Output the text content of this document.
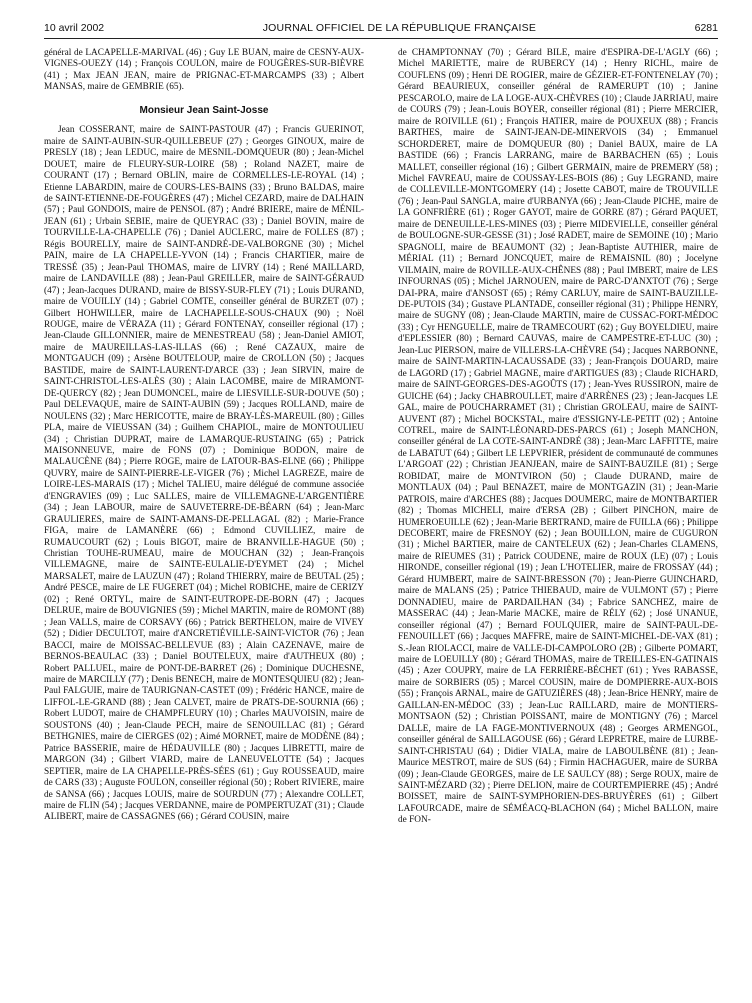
10 avril 2002	JOURNAL OFFICIEL DE LA RÉPUBLIQUE FRANÇAISE	6281

général de LACAPELLE-MARIVAL (46) ; Guy LE BUAN, maire de CESNY-AUX-VIGNES-OUEZY (14) ; François COULON, maire de FOUGÈRES-SUR-BIÈVRE (41) ; Max JEAN JEAN, maire de PRIGNAC-ET-MARCAMPS (33) ; Albert MANSAS, maire de GEMBRIE (65).

Monsieur Jean Saint-Josse

Jean COSSERANT, maire de SAINT-PASTOUR (47) ; Francis GUERINOT, maire de SAINT-AUBIN-SUR-QUILLEBEUF (27) ; Georges GINOUX, maire de PRESLY (18) ; Jean LEDUC, maire de MESNIL-DOMQUEUR (80) ; Jean-Michel DOUET, maire de FLEURY-SUR-LOIRE (58) ; Roland NAZET, maire de COURANT (17) ; Bernard OBLIN, maire de CORMELLES-LE-ROYAL (14) ; Etienne LABARDIN, maire de COURS-LES-BAINS (33) ; Bruno BALDAS, maire de SAINT-ETIENNE-DE-FOUGÈRES (47) ; Michel CEZARD, maire de DALHAIN (57) ; Paul GONDOIS, maire de PENSOL (87) ; André BRIERE, maire de MÉNIL-JEAN (61) ; Urbain SEBIE, maire de QUEYRAC (33) ; Daniel BOVIN, maire de TOURVILLE-LA-CHAPELLE (76) ; Daniel AUCLERC, maire de FOLLES (87) ; Régis BOURELLY, maire de SAINT-ANDRÉ-DE-VALBORGNE (30) ; Michel PAIN, maire de LA CHAPELLE-YVON (14) ; Francis CHARTIER, maire de TRESSÉ (35) ; Jean-Paul THOMAS, maire de LIVRY (14) ; René MAILLARD, maire de LANDAVILLE (88) ; Jean-Paul GREILLER, maire de SAINT-GÉRAUD (47) ; Jean-Jacques DURAND, maire de BISSY-SUR-FLEY (71) ; Louis DURAND, maire de VOUILLY (14) ; Gabriel COMTE, conseiller général de BURZET (07) ; Gilbert HOHWILLER, maire de LACHAPELLE-SOUS-CHAUX (90) ; Noël ROUGE, maire de VÉRAZA (11) ; Gérard FONTENAY, conseiller régional (17) ; Jean-Claude GILLONNIER, maire de MENESTREAU (58) ; Jean-Daniel AMIOT, maire de MAUREILLAS-LAS-ILLAS (66) ; René CAZAUX, maire de MONTGAUCH (09) ; Arsène BOUTELOUP, maire de CROLLON (50) ; Jacques BASTIDE, maire de SAINT-LAURENT-D'ARCE (33) ; Jean SIRVIN, maire de SAINT-CHRISTOL-LES-ALÈS (30) ; Alain LACOMBE, maire de MIRAMONT-DE-QUERCY (82) ; Jean DUMONCEL, maire de LIESVILLE-SUR-DOUVE (50) ; Paul DELEVAQUE, maire de SAINT-AUBIN (59) ; Jacques ROLLAND, maire de NOULENS (32) ; Marc HERICOTTE, maire de BRAY-LÈS-MAREUIL (80) ; Gilles PLA, maire de VIEUSSAN (34) ; Guilhem CHAPIOL, maire de MONTOULIEU (34) ; Christian DUPRAT, maire de LAMARQUE-RUSTAING (65) ; Patrick MAISONNEUVE, maire de FONS (07) ; Dominique BODON, maire de MALAUCÈNE (84) ; Pierre ROGE, maire de LATOUR-BAS-ELNE (66) ; Philippe QUVRY, maire de SAINT-PIERRE-LE-VIGER (76) ; Michel LAGREZE, maire de LOIRE-LES-MARAIS (17) ; Michel TALIEU, maire délégué de commune associée d'ENGRAVIES (09) ; Luc SALLES, maire de VILLEMAGNE-L'ARGENTIÈRE (34) ; Jean LABOUR, maire de SAUVETERRE-DE-BÉARN (64) ; Jean-Marc GRAULIERES, maire de SAINT-AMANS-DE-PELLAGAL (82) ; Marie-France FIGA, maire de LAMANÈRE (66) ; Edmond CUVILLIEZ, maire de RUMAUCOURT (62) ; Louis BIGOT, maire de BRANVILLE-HAGUE (50) ; Christian TOUHE-RUMEAU, maire de MOUCHAN (32) ; Jean-François VILLEMAGNE, maire de SAINTE-EULALIE-D'EYMET (24) ; Michel MARSALET, maire de LAUZUN (47) ; Roland THIERRY, maire de BEUTAL (25) ; André PESCE, maire de LE FUGERET (04) ; Michel ROBICHE, maire de CERIZY (02) ; René ORTYL, maire de SAINT-EUTROPE-DE-BORN (47) ; Jacques DELRUE, maire de BOUVIGNIES (59) ; Michel MARTIN, maire de ROMONT (88) ; Jean VALLS, maire de CORSAVY (66) ; Patrick BERTHELON, maire de VIVEY (52) ; Didier DECULTOT, maire d'ANCRETIÉVILLE-SAINT-VICTOR (76) ; Jean BACCI, maire de MOISSAC-BELLEVUE (83) ; Alain CAZENAVE, maire de BERNOS-BEAULAC (33) ; Daniel BOUTELEUX, maire d'AUTHEUX (80) ; Robert PALLUEL, maire de PONT-DE-BARRET (26) ; Dominique DUCHESNE, maire de MARCILLY (77) ; Denis BENECH, maire de MONTESQUIEU (82) ; Jean-Paul FALGUIE, maire de TAURIGNAN-CASTET (09) ; Frédéric HANCE, maire de LIFFOL-LE-GRAND (88) ; Jean CALVET, maire de PRATS-DE-SOURNIA (66) ; Robert LUDOT, maire de CHAMPFLEURY (10) ; Charles MAUVOISIN, maire de SOUSTONS (40) ; Jean-Claude PECH, maire de SENOUILLAC (81) ; Gérard BETHGNIES, maire de CIERGES (02) ; Aimé MORNET, maire de MODÈNE (84) ; Patrice BASSERIE, maire de HÉDAUVILLE (80) ; Jacques LIBRETTI, maire de MARGON (34) ; Gilbert VIARD, maire de LANEUVELOTTE (54) ; Jacques SEPTIER, maire de LA CHAPELLE-PRÈS-SÉES (61) ; Guy ROUSSEAUD, maire de CARS (33) ; Auguste FOULON, conseiller régional (50) ; Robert RIVIERE, maire de SANSA (66) ; Jacques LOUIS, maire de SOURDUN (77) ; Alexandre COLLET, maire de FLIN (54) ; Jacques VERDANNE, maire de POMPERTUZAT (31) ; Claude ALIBERT, maire de CASSAGNES (66) ; Gérard COUSIN, maire

de CHAMPTONNAY (70) ; Gérard BILE, maire d'ESPIRA-DE-L'AGLY (66) ; Michel MARIETTE, maire de RUBERCY (14) ; Henry RICHL, maire de COUFLENS (09) ; Henri DE ROGIER, maire de GÉZIER-ET-FONTENELAY (70) ; Gérard BEAURIEUX, conseiller général de RAMERUPT (10) ; Janine PESCAROLO, maire de LA LOGE-AUX-CHÈVRES (10) ; Claude JARRIAU, maire de COURS (79) ; Jean-Louis BOYER, conseiller régional (81) ; Pierre MERCIER, maire de ROIVILLE (61) ; François HATIER, maire de POUXEUX (88) ; Francis BARTHES, maire de SAINT-JEAN-DE-MINERVOIS (34) ; Emmanuel SCHORDERET, maire de DOMQUEUR (80) ; Daniel BAUX, maire de LA BASTIDE (66) ; Francis LARRANG, maire de BARBACHEN (65) ; Louis MALLET, conseiller régional (16) ; Gilbert GERMAIN, maire de PREMERY (58) ; Michel FAVREAU, maire de COUSSAY-LES-BOIS (86) ; Guy LEGRAND, maire de COLLEVILLE-MONTGOMERY (14) ; Josette CABOT, maire de TROUVILLE (76) ; Jean-Paul SANGLA, maire d'URBANYA (66) ; Jean-Claude PICHE, maire de LA GONFRIÈRE (61) ; Roger GAYOT, maire de GORRE (87) ; Gérard PAQUET, maire de DENEUILLE-LES-MINES (03) ; Pierre MIDEVIELLE, conseiller général de BOULOGNE-SUR-GESSE (31) ; José RADET, maire de SEMOINE (10) ; Mario SPAGNOLI, maire de BEAUMONT (32) ; Jean-Baptiste AUTHIER, maire de MÉRIAL (11) ; Bernard JONCQUET, maire de REMAISNIL (80) ; Jocelyne VILMAIN, maire de ROVILLE-AUX-CHÊNES (88) ; Paul IMBERT, maire de LES INFOURNAS (05) ; Michel JARNOUEN, maire de PARC-D'ANXTOT (76) ; Serge DAI-PRA, maire d'ANSOST (65) ; Rémy CARLUY, maire de SAINT-BAUZILLE-DE-PUTOIS (34) ; Gustave PLANTADE, conseiller régional (31) ; Philippe HENRY, maire de SUGNY (08) ; Jean-Claude MARTIN, maire de CUSSAC-FORT-MÉDOC (33) ; Cyr HENGUELLE, maire de TRAMECOURT (62) ; Guy BOYELDIEU, maire d'EPLESSIER (80) ; Bernard CAUVAS, maire de CAMPESTRE-ET-LUC (30) ; Jean-Luc PIERSON, maire de VILLERS-LA-CHÈVRE (54) ; Jacques NARBONNE, maire de SAINT-MARTIN-LACAUSSADE (33) ; Jean-François DOUARD, maire de LAGORD (17) ; Gabriel MAGNE, maire d'ARTIGUES (83) ; Claude RICHARD, maire de SAINT-GEORGES-DES-AGOÛTS (17) ; Jean-Yves RUSSIRON, maire de GUICHE (64) ; Jacky CHABROULLET, maire d'ARRÈNES (23) ; Jean-Jacques LE GAL, maire de POUCHARRAMET (31) ; Christian GROLEAU, maire de SAINT-AUVENT (87) ; Michel BOCKSTAL, maire d'ESSIGNY-LE-PETIT (02) ; Antoine COTREL, maire de SAINT-LÉONARD-DES-PARCS (61) ; Joseph MANCHON, conseiller général de LA COTE-SAINT-ANDRÉ (38) ; Jean-Marc LAFFITTE, maire de LABATUT (64) ; Gilbert LE LEPVRIER, président de communauté de communes L'ARGOAT (22) ; Christian JEANJEAN, maire de SAINT-BAUZILE (81) ; Serge ROBIDAT, maire de MONTVIRON (50) ; Claude DURAND, maire de MONTLAUX (04) ; Paul BENAZET, maire de MONTGAZIN (31) ; Jean-Marie PATROIS, maire d'ARCHES (88) ; Jacques DOUMERC, maire de MONTBARTIER (82) ; Thomas MICHELI, maire d'ERSA (2B) ; Gilbert PINCHON, maire de HUMEROEUILLE (62) ; Jean-Marie BERTRAND, maire de FUILLA (66) ; Philippe DECOBERT, maire de FRESNOY (62) ; Jean BOUILLON, maire de CUGURON (31) ; Michel BARTIER, maire de CANTELEUX (62) ; Jean-Charles CLAMENS, maire de RIEUMES (31) ; Patrick COUDENE, maire de ROUX (LE) (07) ; Louis HIRONDE, conseiller régional (19) ; Jean L'HOTELIER, maire de FROSSAY (44) ; Gérard HUMBERT, maire de SAINT-BRESSON (70) ; Jean-Pierre GUINCHARD, maire de MALANS (25) ; Patrice THIEBAUD, maire de VULMONT (57) ; Pierre DONNADIEU, maire de PARDAILHAN (34) ; Fabrice SANCHEZ, maire de MASSERAC (44) ; Jean-Marie MACKE, maire de RÉLY (62) ; José UNANUE, conseiller régional (47) ; Bernard FOULQUIER, maire de SAINT-PAUL-DE-FENOUILLET (66) ; Jacques MAFFRE, maire de SAINT-MICHEL-DE-VAX (81) ; S.-Jean RIOLACCI, maire de VALLE-DI-CAMPOLORO (2B) ; Gilberte POMART, maire de LOEUILLY (80) ; Gérard THOMAS, maire de TREILLES-EN-GATINAIS (45) ; Azer COUPRY, maire de LA FERRIÈRE-BÉCHET (61) ; Yves RABASSE, maire de SORBIERS (05) ; Marcel COUSIN, maire de DOMPIERRE-AUX-BOIS (55) ; François ARNAL, maire de GATUZIÈRES (48) ; Jean-Brice HENRY, maire de GAILLAN-EN-MÉDOC (33) ; Jean-Luc RAILLARD, maire de MONTIERS-MONTSAON (52) ; Christian POISSANT, maire de MONTIGNY (76) ; Marcel DALLE, maire de LA FAGE-MONTIVERNOUX (48) ; Georges ARMENGOL, conseiller général de SAILLAGOUSE (66) ; Gérard LEPRETRE, maire de LURBE-SAINT-CHRISTAU (64) ; Didier VIALA, maire de LABOULBÈNE (81) ; Jean-Maurice MESTROT, maire de SUS (64) ; Firmin HACHAGUER, maire de SURBA (09) ; Jean-Claude GEORGES, maire de LE SAULCY (88) ; Serge ROUX, maire de SAINT-MÉZARD (32) ; Pierre DELION, maire de COURTEMPIERRE (45) ; André BOISSET, maire de SAINT-SYMPHORIEN-DES-BRUYÈRES (61) ; Gilbert LAFOURCADE, maire de SÉMÉACQ-BLACHON (64) ; Michel BALLON, maire de FON-
